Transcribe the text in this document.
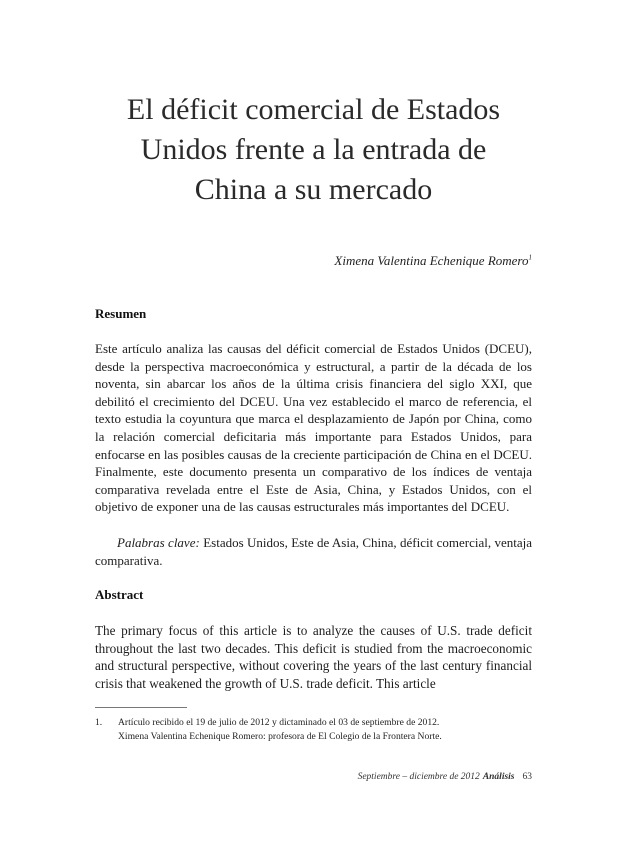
El déficit comercial de Estados
Unidos frente a la entrada de
China a su mercado

Ximena Valentina Echenique Romero$^1$

Resumen

Este artículo analiza las causas del déficit comercial de Estados Unidos (DCEU), desde la perspectiva macroeconómica y estructural, a partir de la década de los noventa, sin abarcar los años de la última crisis financiera del siglo XXI, que debilitó el crecimiento del DCEU. Una vez establecido el marco de referencia, el texto estudia la coyuntura que marca el desplazamiento de Japón por China, como la relación comercial deficitaria más importante para Estados Unidos, para enfocarse en las posibles causas de la creciente participación de China en el DCEU. Finalmente, este documento presenta un comparativo de los índices de ventaja comparativa revelada entre el Este de Asia, China, y Estados Unidos, con el objetivo de exponer una de las causas estructurales más importantes del DCEU.

Palabras clave: Estados Unidos, Este de Asia, China, déficit comercial, ventaja comparativa.

Abstract

The primary focus of this article is to analyze the causes of U.S. trade deficit throughout the last two decades. This deficit is studied from the macroeconomic and structural perspective, without covering the years of the last century financial crisis that weakened the growth of U.S. trade deficit. This article

1. Artículo recibido el 19 de julio de 2012 y dictaminado el 03 de septiembre de 2012.
Ximena Valentina Echenique Romero: profesora de El Colegio de la Frontera Norte.

Septiembre – diciembre de 2012 Análisis 63
